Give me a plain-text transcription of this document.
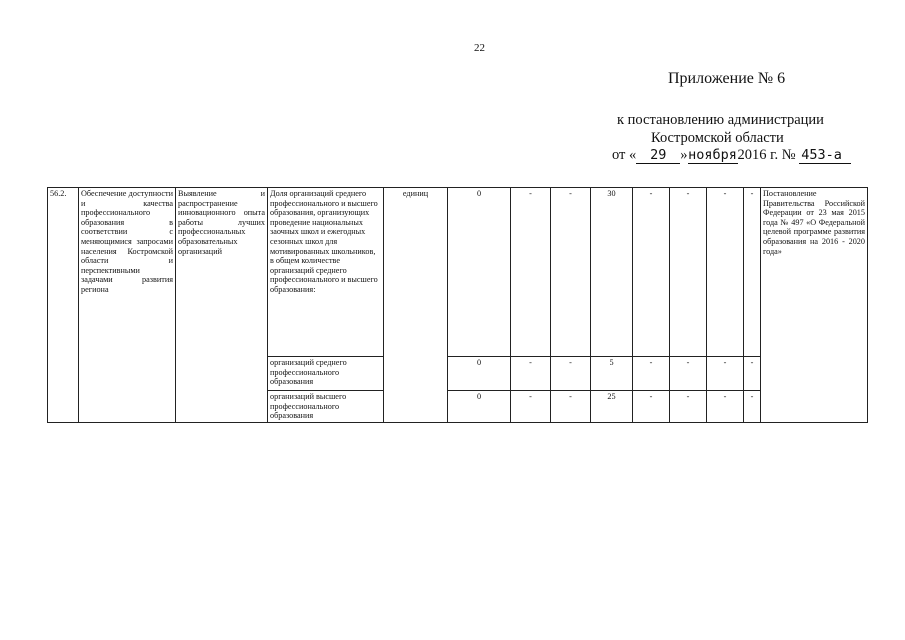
22
Приложение № 6
к постановлению администрации
Костромской области
от « 29 »ноября2016 г. № 453-а
56.2.	Обеспечение доступности и качества профессионального образования в соответствии с меняющимися запросами населения Костромской области и перспективными задачами развития региона	Выявление и распространение инновационного опыта работы лучших профессиональных образовательных организаций	Доля организаций среднего профессионального и высшего образования, организующих проведение национальных заочных школ и ежегодных сезонных школ для мотивированных школьников, в общем количестве организаций среднего профессионального и высшего образования:	единиц	0	-	-	30	-	-	-	-	Постановление Правительства Российской Федерации от 23 мая 2015 года № 497 «О Федеральной целевой программе развития образования на 2016 - 2020 года»
			организаций среднего профессионального образования		0	-	-	5	-	-	-	-	
			организаций высшего профессионального образования		0	-	-	25	-	-	-	-	
